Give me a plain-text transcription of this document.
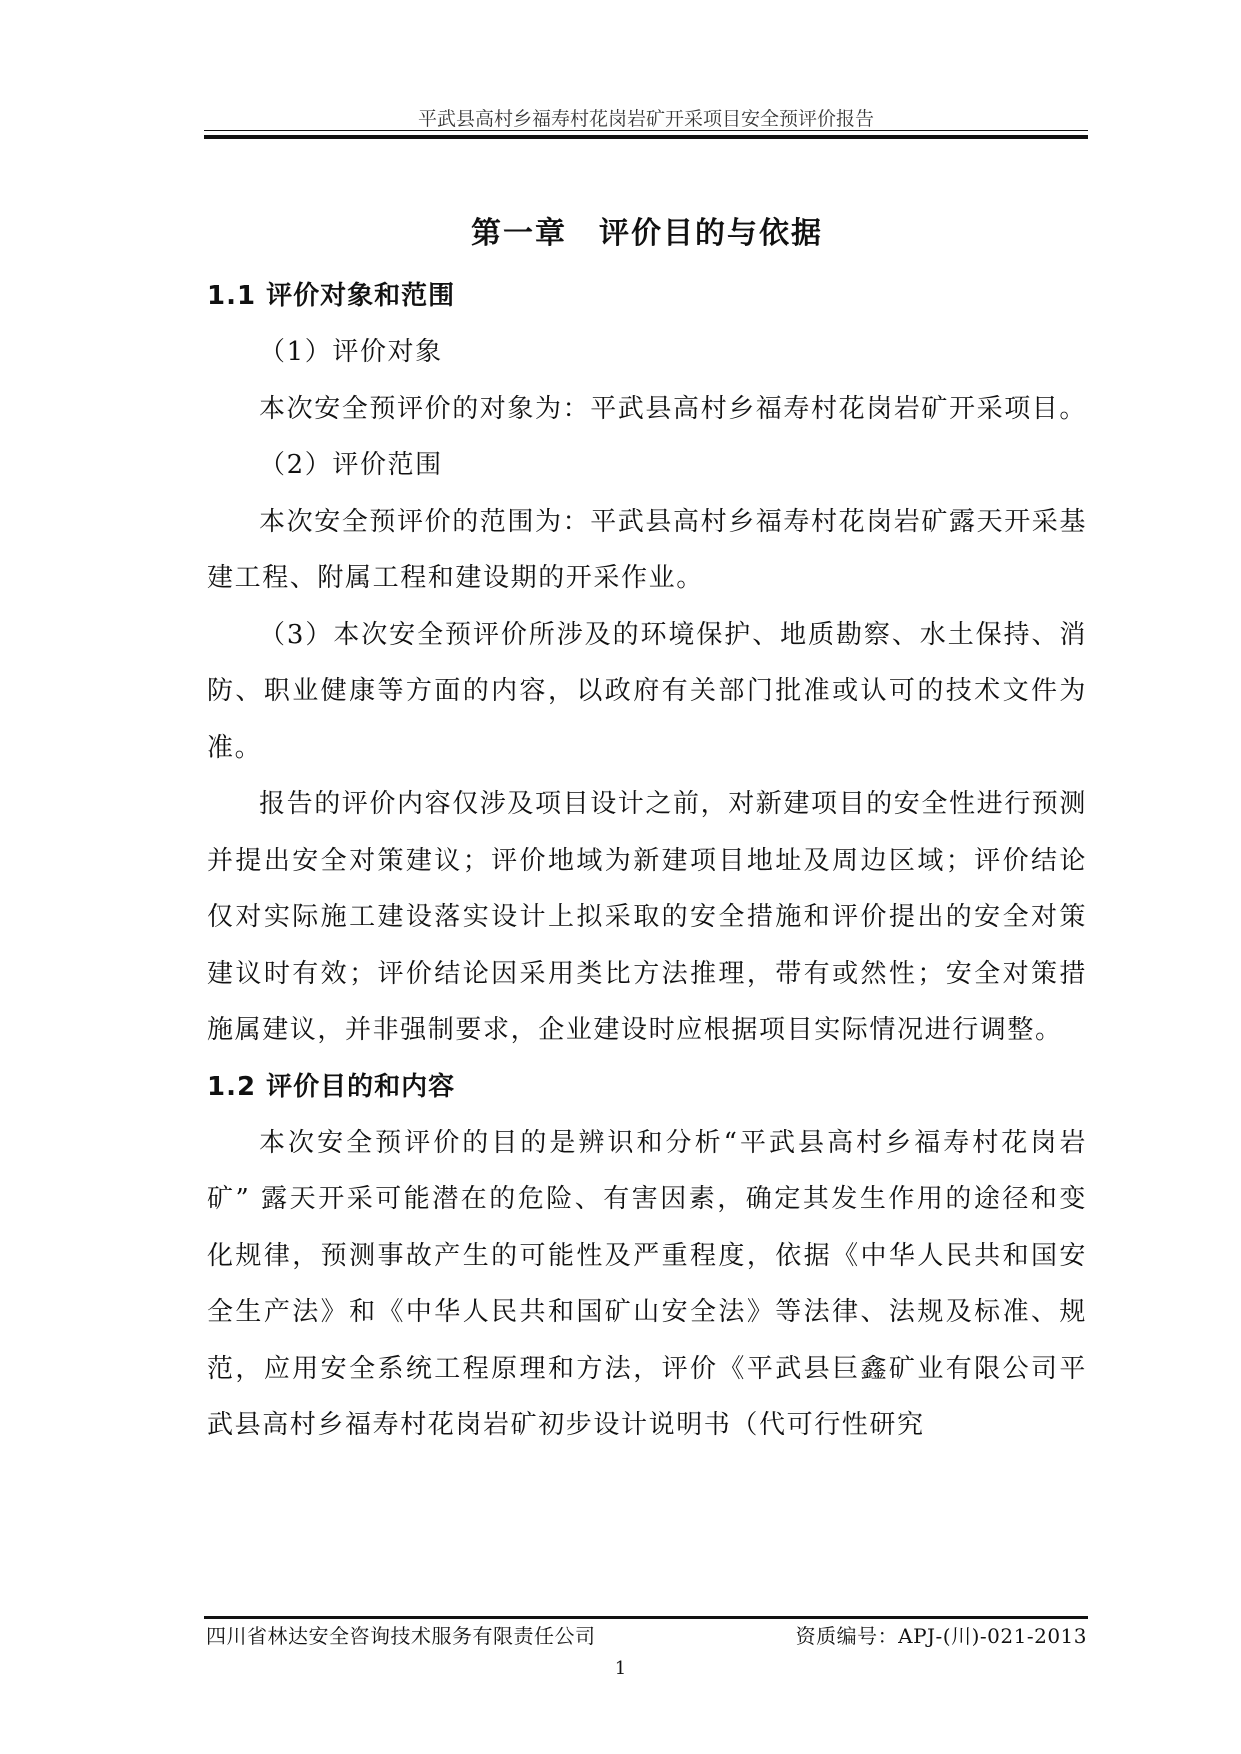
平武县高村乡福寿村花岗岩矿开采项目安全预评价报告
第一章 评价目的与依据
1.1 评价对象和范围

（1）评价对象

本次安全预评价的对象为：平武县高村乡福寿村花岗岩矿开采项目。

（2）评价范围

本次安全预评价的范围为：平武县高村乡福寿村花岗岩矿露天开采基建工程、附属工程和建设期的开采作业。

（3）本次安全预评价所涉及的环境保护、地质勘察、水土保持、消防、职业健康等方面的内容，以政府有关部门批准或认可的技术文件为准。

报告的评价内容仅涉及项目设计之前，对新建项目的安全性进行预测并提出安全对策建议；评价地域为新建项目地址及周边区域；评价结论仅对实际施工建设落实设计上拟采取的安全措施和评价提出的安全对策建议时有效；评价结论因采用类比方法推理，带有或然性；安全对策措施属建议，并非强制要求，企业建设时应根据项目实际情况进行调整。

1.2 评价目的和内容

本次安全预评价的目的是辨识和分析“平武县高村乡福寿村花岗岩矿” 露天开采可能潜在的危险、有害因素，确定其发生作用的途径和变化规律，预测事故产生的可能性及严重程度，依据《中华人民共和国安全生产法》和《中华人民共和国矿山安全法》等法律、法规及标准、规范，应用安全系统工程原理和方法，评价《平武县巨鑫矿业有限公司平武县高村乡福寿村花岗岩矿初步设计说明书（代可行性研究

四川省林达安全咨询技术服务有限责任公司	资质编号：APJ-(川)-021-2013
1
